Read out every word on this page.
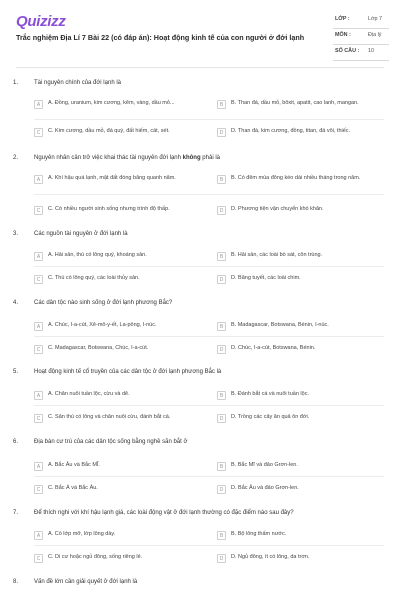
Quizizz
Trắc nghiệm Địa Lí 7 Bài 22 (có đáp án): Hoạt động kinh tế của con người ở đới lạnh
LỚP :	Lớp 7
MÔN :	Địa lý
SỐ CÂU : 10
1.	Tài nguyên chính của đới lạnh là
A	A. Đồng, uranium, kim cương, kẽm, vàng, dầu mỏ...	B	B. Than đá, dầu mỏ, bôxit, apatit, cao lanh, mangan.
C	C. Kim cương, dầu mỏ, đá quý, đất hiếm, cát, sét.	D	D. Than đá, kim cương, đồng, titan, đá vôi, thiếc.
2.	Nguyên nhân cản trở việc khai thác tài nguyên đới lạnh không phải là
A	A. Khí hậu quá lạnh, mặt đất đóng băng quanh năm.	B	B. Có đêm mùa đông kéo dài nhiều tháng trong năm.
C	C. Có nhiều người sinh sống nhưng trình độ thấp.	D	D. Phương tiện vận chuyển khó khăn.
3.	Các nguồn tài nguyên ở đới lạnh là
A	A. Hải sản, thú có lông quý, khoáng sản.	B	B. Hải sản, các loài bò sát, côn trùng.
C	C. Thú có lông quý, các loài thủy sản.	D	D. Băng tuyết, các loài chim.
4.	Các dân tộc nào sinh sống ở đới lạnh phương Bắc?
A	A. Chúc, I-a-cút, Xê-mô-y-ết, La-pông, I-núc.	B	B. Madagascar, Botswana, Bénin, I-núc.
C	C. Madagascar, Botswana, Chúc, I-a-cút.	D	D. Chúc, I-a-cút, Botswana, Bénin.
5.	Hoạt động kinh tế cổ truyền của các dân tộc ở đới lạnh phương Bắc là
A	A. Chăn nuôi tuần lộc, cừu và dê.	B	B. Đánh bắt cá và nuôi tuần lộc.
C	C. Săn thú có lông và chăn nuôi cừu, đánh bắt cá.	D	D. Trồng các cây ăn quả ôn đới.
6.	Địa bàn cư trú của các dân tộc sống bằng nghề săn bắt ở
A	A. Bắc Âu và Bắc MĨ.	B	B. Bắc Mĩ và đảo Grơn-len.
C	C. Bắc Á và Bắc Âu.	D	D. Bắc Âu và đảo Grơn-len.
7.	Để thích nghi với khí hậu lạnh giá, các loài động vật ở đới lạnh thường có đặc điểm nào sau đây?
A	A. Có lớp mỡ, lớp lông dày.	B	B. Bộ lông thấm nước.
C	C. Di cư hoặc ngủ đông, sống riêng lẻ.	D	D. Ngủ đông, ít có lông, da trơn.
8.	Vấn đề lớn cần giải quyết ở đới lạnh là
